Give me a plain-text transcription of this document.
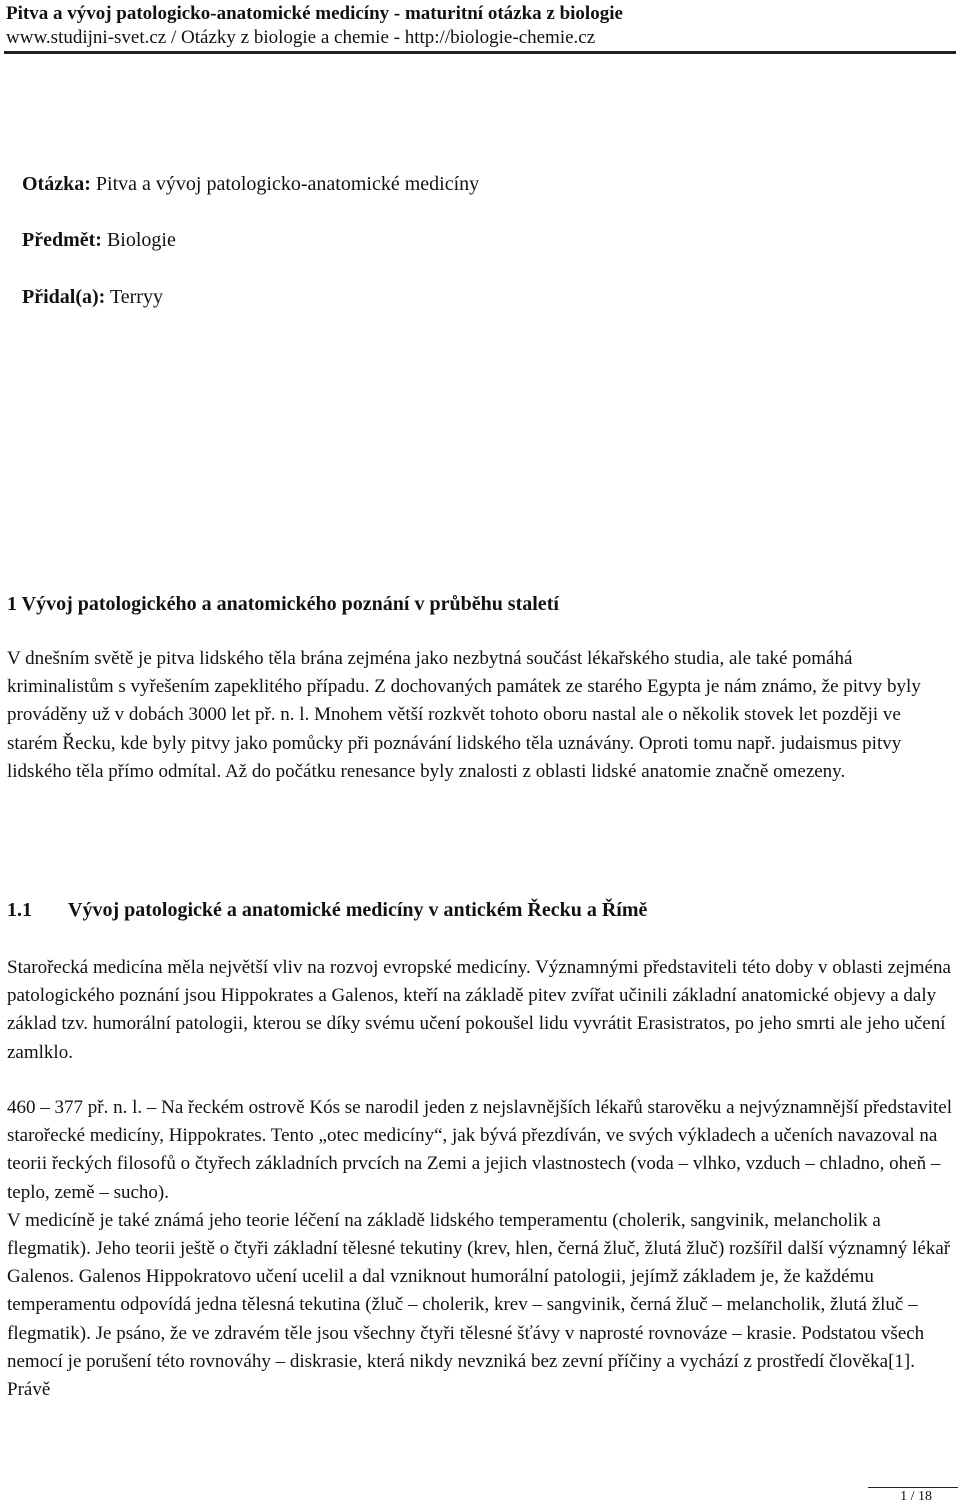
Pitva a vývoj patologicko-anatomické medicíny - maturitní otázka z biologie

www.studijni-svet.cz / Otázky z biologie a chemie - http://biologie-chemie.cz

Otázka: Pitva a vývoj patologicko-anatomické medicíny

Předmět: Biologie

Přidal(a): Terryy

1 Vývoj patologického a anatomického poznání v průběhu staletí

V dnešním světě je pitva lidského těla brána zejména jako nezbytná součást lékařského studia, ale také pomáhá kriminalistům s vyřešením zapeklitého případu. Z dochovaných památek ze starého Egypta je nám známo, že pitvy byly prováděny už v dobách 3000 let př. n. l. Mnohem větší rozkvět tohoto oboru nastal ale o několik stovek let později ve starém Řecku, kde byly pitvy jako pomůcky při poznávání lidského těla uznávány. Oproti tomu např. judaismus pitvy lidského těla přímo odmítal. Až do počátku renesance byly znalosti z oblasti lidské anatomie značně omezeny.

1.1 Vývoj patologické a anatomické medicíny v antickém Řecku a Římě

Starořecká medicína měla největší vliv na rozvoj evropské medicíny. Významnými představiteli této doby v oblasti zejména patologického poznání jsou Hippokrates a Galenos, kteří na základě pitev zvířat učinili základní anatomické objevy a daly základ tzv. humorální patologii, kterou se díky svému učení pokoušel lidu vyvrátit Erasistratos, po jeho smrti ale jeho učení zamlklo.

460 – 377 př. n. l. – Na řeckém ostrově Kós se narodil jeden z nejslavnějších lékařů starověku a nejvýznamnější představitel starořecké medicíny, Hippokrates. Tento „otec medicíny“, jak bývá přezdíván, ve svých výkladech a učeních navazoval na teorii řeckých filosofů o čtyřech základních prvcích na Zemi a jejich vlastnostech (voda – vlhko, vzduch – chladno, oheň – teplo, země – sucho).
V medicíně je také známá jeho teorie léčení na základě lidského temperamentu (cholerik, sangvinik, melancholik a flegmatik). Jeho teorii ještě o čtyři základní tělesné tekutiny (krev, hlen, černá žluč, žlutá žluč) rozšířil další významný lékař Galenos. Galenos Hippokratovo učení ucelil a dal vzniknout humorální patologii, jejímž základem je, že každému temperamentu odpovídá jedna tělesná tekutina (žluč – cholerik, krev – sangvinik, černá žluč – melancholik, žlutá žluč – flegmatik). Je psáno, že ve zdravém těle jsou všechny čtyři tělesné šťávy v naprosté rovnováze – krasie. Podstatou všech nemocí je porušení této rovnováhy – diskrasie, která nikdy nevzniká bez zevní příčiny a vychází z prostředí člověka[1]. Právě
1 / 18
